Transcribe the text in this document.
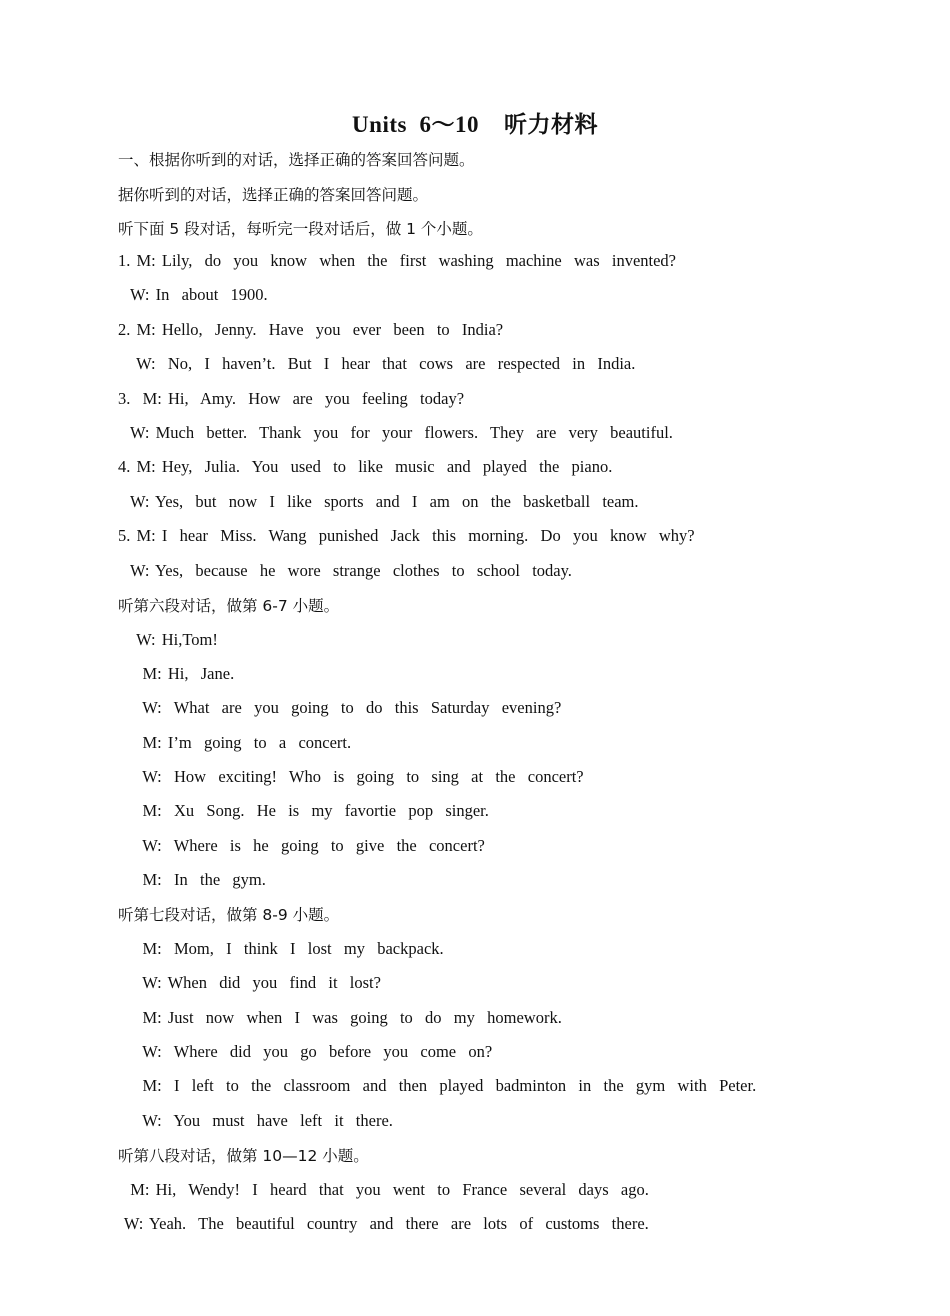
Units  6～10    听力材料
一、根据你听到的对话，选择正确的答案回答问题。
据你听到的对话，选择正确的答案回答问题。
听下面 5 段对话，每听完一段对话后，做 1 个小题。
1. M: Lily,  do  you  know  when  the  first  washing  machine  was  invented?
W: In  about  1900.
2. M: Hello,  Jenny.  Have  you  ever  been  to  India?
W:  No,  I  haven’t.  But  I  hear  that  cows  are  respected  in  India.
3.  M: Hi,  Amy.  How  are  you  feeling  today?
W: Much  better.  Thank  you  for  your  flowers.  They  are  very  beautiful.
4. M: Hey,  Julia.  You  used  to  like  music  and  played  the  piano.
W: Yes,  but  now  I  like  sports  and  I  am  on  the  basketball  team.
5. M: I  hear  Miss.  Wang  punished  Jack  this  morning.  Do  you  know  why?
W: Yes,  because  he  wore  strange  clothes  to  school  today.
听第六段对话，做第 6-7 小题。
W: Hi,Tom!
M: Hi,  Jane.
W:  What  are  you  going  to  do  this  Saturday  evening?
M: I’m  going  to  a  concert.
W:  How  exciting!  Who  is  going  to  sing  at  the  concert?
M:  Xu  Song.  He  is  my  favortie  pop  singer.
W:  Where  is  he  going  to  give  the  concert?
M:  In  the  gym.
听第七段对话，做第 8-9 小题。
M:  Mom,  I  think  I  lost  my  backpack.
W: When  did  you  find  it  lost?
M: Just  now  when  I  was  going  to  do  my  homework.
W:  Where  did  you  go  before  you  come  on?
M:  I  left  to  the  classroom  and  then  played  badminton  in  the  gym  with  Peter.
W:  You  must  have  left  it  there.
听第八段对话，做第 10—12 小题。
M: Hi,  Wendy!  I  heard  that  you  went  to  France  several  days  ago.
W: Yeah.  The  beautiful  country  and  there  are  lots  of  customs  there.
